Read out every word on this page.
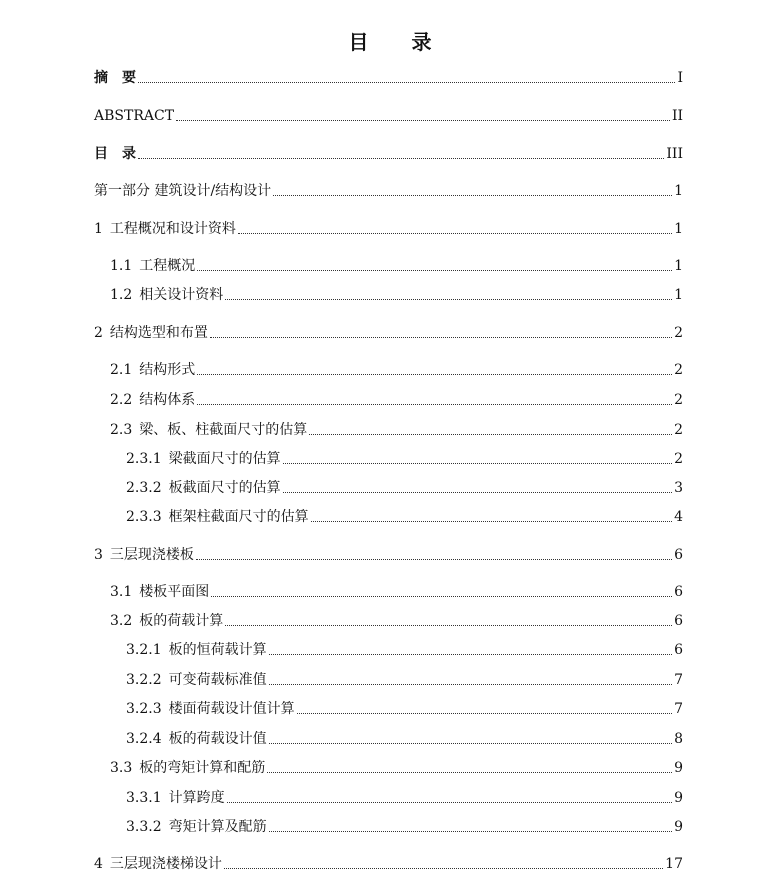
目 录
摘　要	I
ABSTRACT	II
目　录	III
第一部分 建筑设计/结构设计	1
1 工程概况和设计资料	1
1.1 工程概况	1
1.2 相关设计资料	1
2 结构选型和布置	2
2.1 结构形式	2
2.2 结构体系	2
2.3 梁、板、柱截面尺寸的估算	2
2.3.1 梁截面尺寸的估算	2
2.3.2 板截面尺寸的估算	3
2.3.3 框架柱截面尺寸的估算	4
3 三层现浇楼板	6
3.1 楼板平面图	6
3.2 板的荷载计算	6
3.2.1 板的恒荷载计算	6
3.2.2 可变荷载标准值	7
3.2.3 楼面荷载设计值计算	7
3.2.4 板的荷载设计值	8
3.3 板的弯矩计算和配筋	9
3.3.1 计算跨度	9
3.3.2 弯矩计算及配筋	9
4 三层现浇楼梯设计	17
